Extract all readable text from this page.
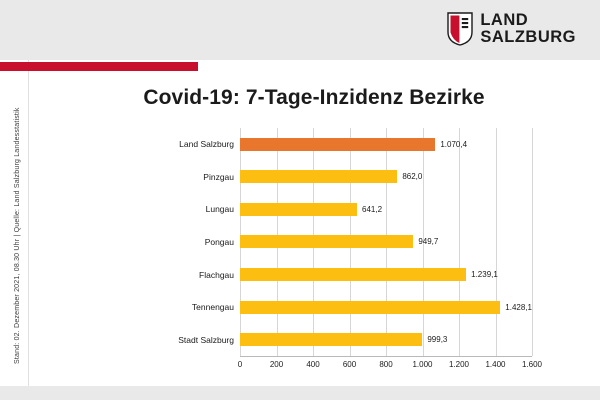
LAND
SALZBURG
Stand: 02. Dezember 2021, 08.30 Uhr | Quelle: Land Salzburg Landesstatistik
Covid-19: 7-Tage-Inzidenz Bezirke
Land Salzburg	1.070,4
Pinzgau	862,0
Lungau	641,2
Pongau	949,7
Flachgau	1.239,1
Tennengau	1.428,1
Stadt Salzburg	999,3
0	200	400	600	800 1.000 1.200 1.400 1.600
